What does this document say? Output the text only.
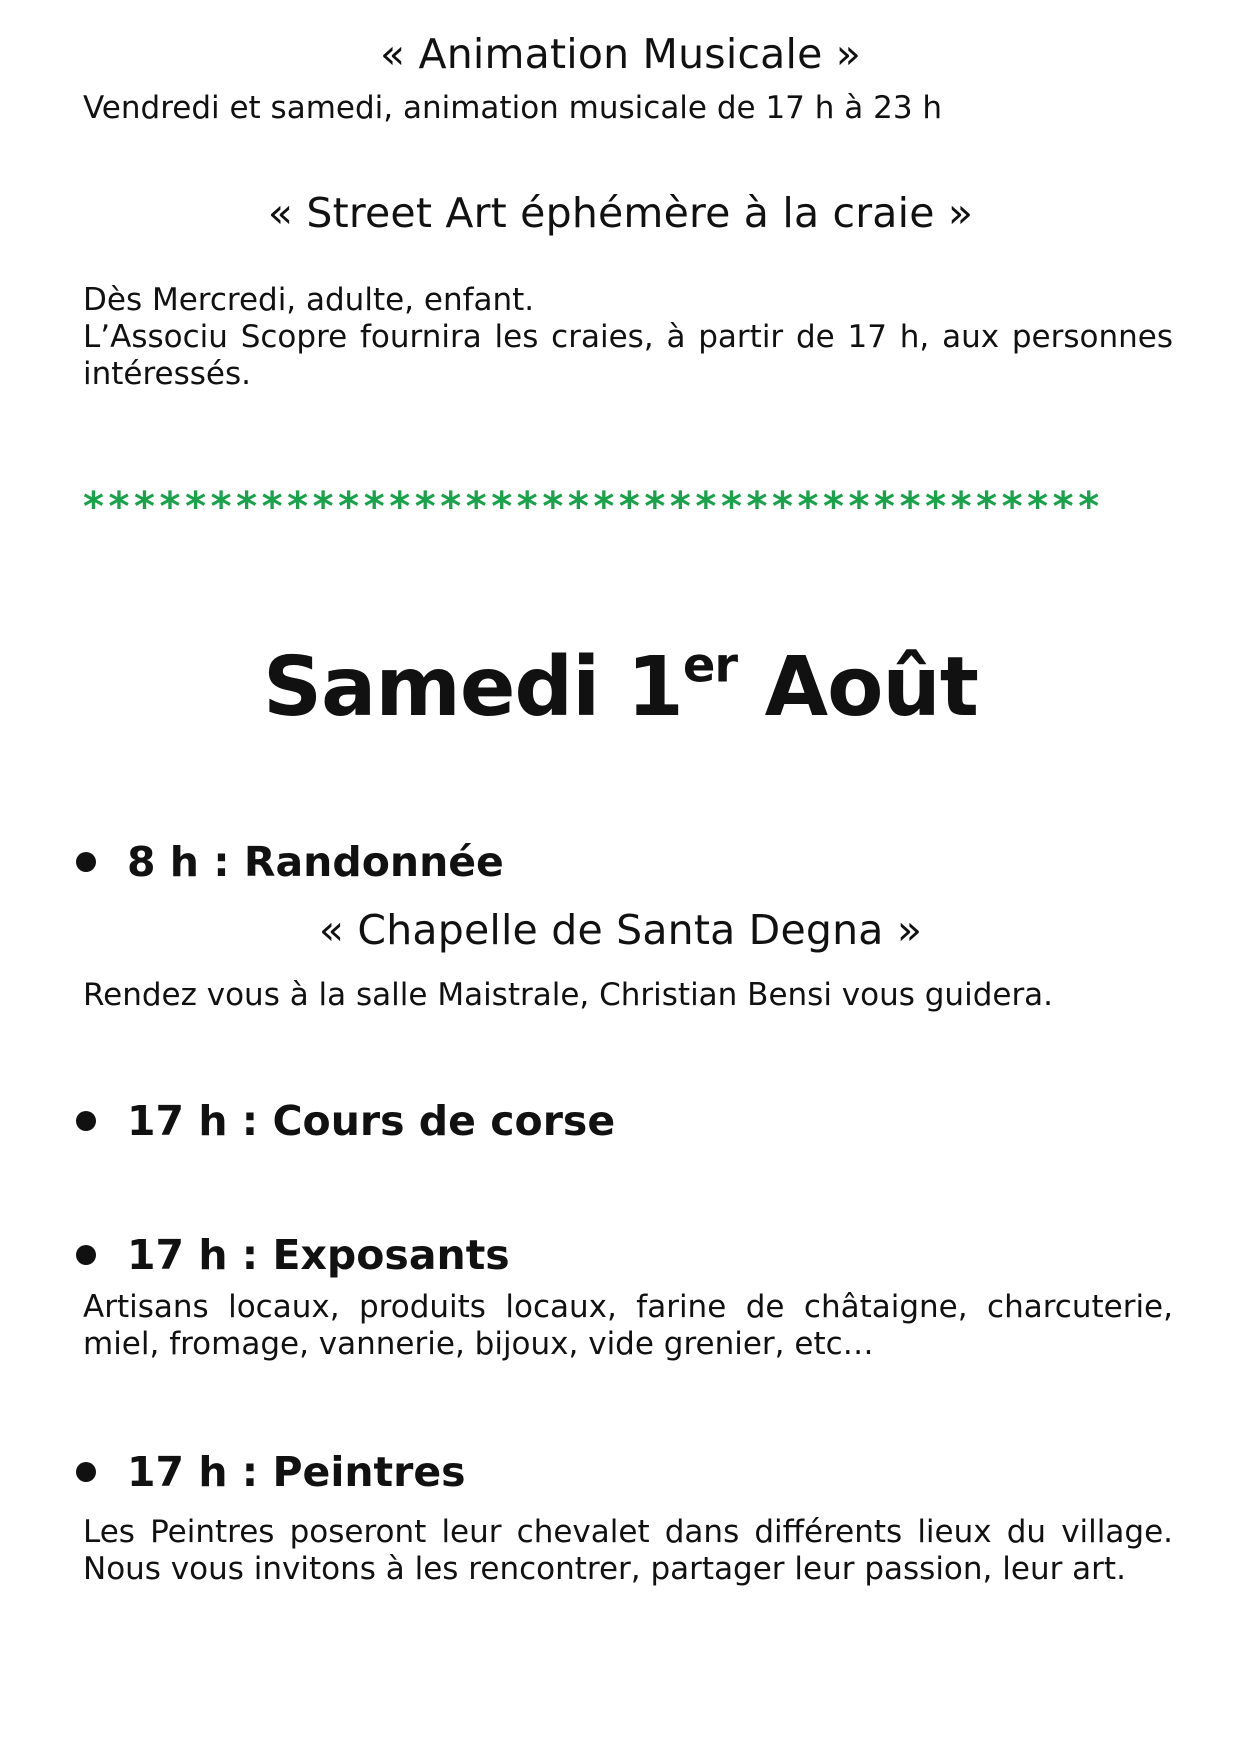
« Animation Musicale »

Vendredi et samedi, animation musicale de 17 h à 23 h

« Street Art éphémère à la craie »

Dès Mercredi, adulte, enfant.

L’Associu Scopre fournira les craies, à partir de 17 h, aux personnes intéressés.

****************************************
Samedi 1er Août
8 h : Randonnée
« Chapelle de Santa Degna »

Rendez vous à la salle Maistrale, Christian Bensi vous guidera.

17 h : Cours de corse
17 h : Exposants

Artisans locaux, produits locaux, farine de châtaigne, charcuterie, miel, fromage, vannerie, bijoux, vide grenier, etc…

17 h : Peintres

Les Peintres poseront leur chevalet dans différents lieux du village. Nous vous invitons à les rencontrer, partager leur passion, leur art.
